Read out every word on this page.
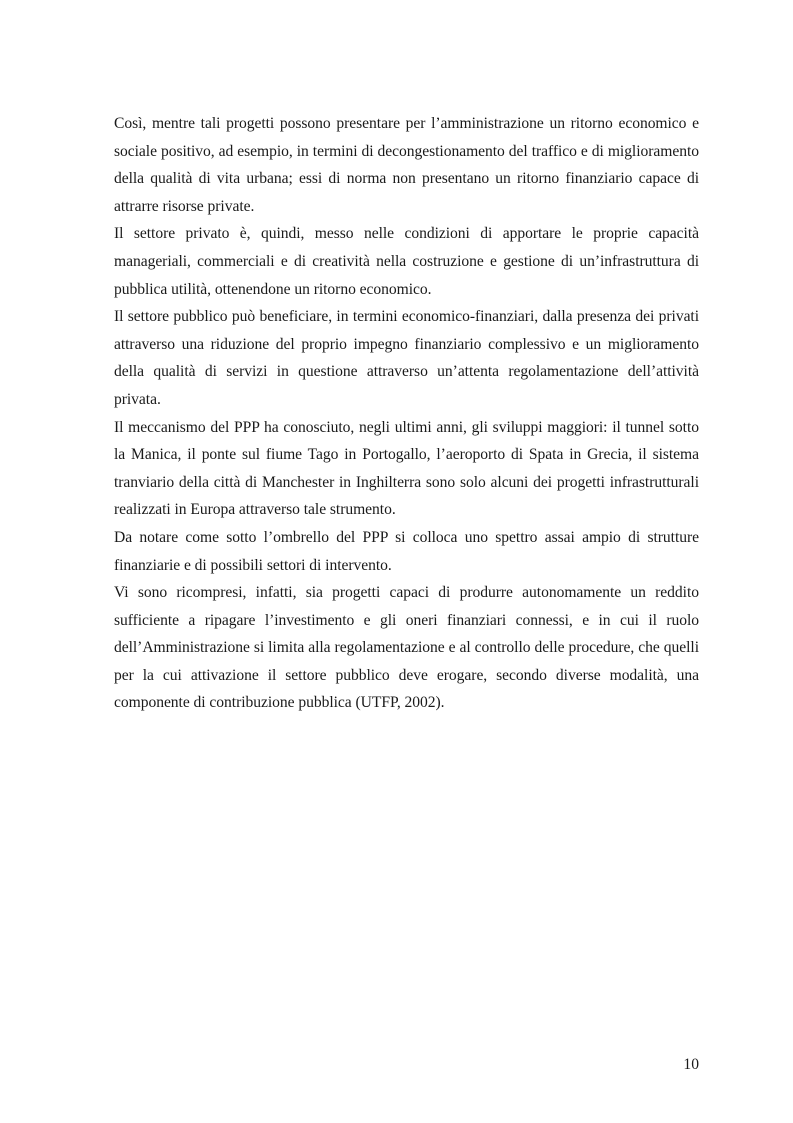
Così, mentre tali progetti possono presentare per l’amministrazione un ritorno economico e sociale positivo, ad esempio, in termini di decongestionamento del traffico e di miglioramento della qualità di vita urbana; essi di norma non presentano un ritorno finanziario capace di attrarre risorse private.

Il settore privato è, quindi, messo nelle condizioni di apportare le proprie capacità manageriali, commerciali e di creatività nella costruzione e gestione di un’infrastruttura di pubblica utilità, ottenendone un ritorno economico.

Il settore pubblico può beneficiare, in termini economico-finanziari, dalla presenza dei privati attraverso una riduzione del proprio impegno finanziario complessivo e un miglioramento della qualità di servizi in questione attraverso un’attenta regolamentazione dell’attività privata.

Il meccanismo del PPP ha conosciuto, negli ultimi anni, gli sviluppi maggiori: il tunnel sotto la Manica, il ponte sul fiume Tago in Portogallo, l’aeroporto di Spata in Grecia, il sistema tranviario della città di Manchester in Inghilterra sono solo alcuni dei progetti infrastrutturali realizzati in Europa attraverso tale strumento.

Da notare come sotto l’ombrello del PPP si colloca uno spettro assai ampio di strutture finanziarie e di possibili settori di intervento.

Vi sono ricompresi, infatti, sia progetti capaci di produrre autonomamente un reddito sufficiente a ripagare l’investimento e gli oneri finanziari connessi, e in cui il ruolo dell’Amministrazione si limita alla regolamentazione e al controllo delle procedure, che quelli per la cui attivazione il settore pubblico deve erogare, secondo diverse modalità, una componente di contribuzione pubblica (UTFP, 2002).

10
